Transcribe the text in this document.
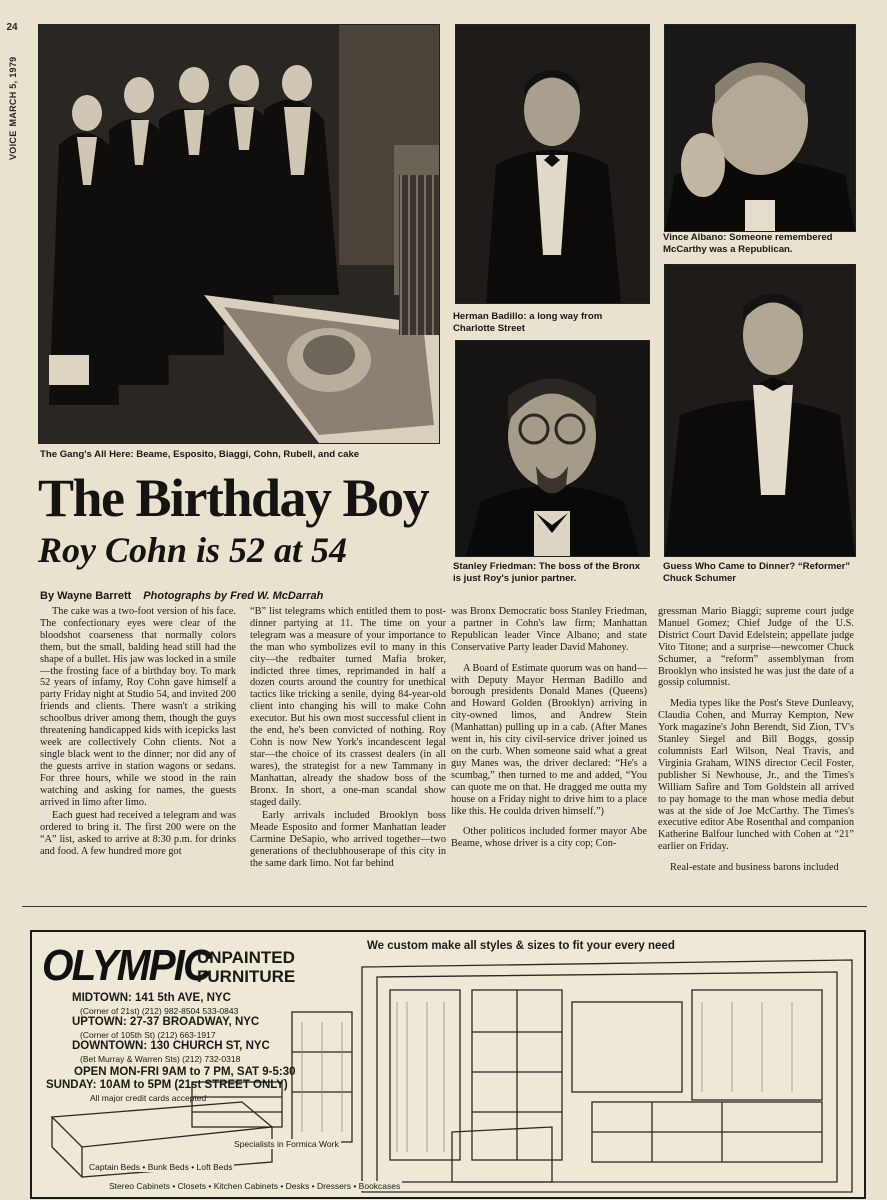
24
VOICEMARCH 5, 1979

The Gang's All Here: Beame, Esposito, Biaggi, Cohn, Rubell, and cake

Herman Badillo: a long way from Charlotte Street

Vince Albano: Someone remembered McCarthy was a Republican.

Stanley Friedman: The boss of the Bronx is just Roy's junior partner.

Guess Who Came to Dinner? “Reformer” Chuck Schumer

The Birthday Boy
Roy Cohn is 52 at 54
By Wayne Barrett Photographs by Fred W. McDarrah

The cake was a two-foot version of his face. The confectionary eyes were clear of the bloodshot coarseness that normally colors them, but the small, balding head still had the shape of a bullet. His jaw was locked in a smile—the frosting face of a birthday boy. To mark 52 years of infamy, Roy Cohn gave himself a party Friday night at Studio 54, and invited 200 friends and clients. There wasn't a striking schoolbus driver among them, though the guys threatening handicapped kids with icepicks last week are collectively Cohn clients. Not a single black went to the dinner; nor did any of the guests arrive in station wagons or sedans. For three hours, while we stood in the rain watching and asking for names, the guests arrived in limo after limo.

Each guest had received a telegram and was ordered to bring it. The first 200 were on the “A” list, asked to arrive at 8:30 p.m. for drinks and food. A few hundred more got

“B” list telegrams which entitled them to post-dinner partying at 11. The time on your telegram was a measure of your importance to the man who symbolizes evil to many in this city—the redbaiter turned Mafia broker, indicted three times, reprimanded in half a dozen courts around the country for unethical tactics like tricking a senile, dying 84-year-old client into changing his will to make Cohn executor. But his own most successful client in the end, he's been convicted of nothing. Roy Cohn is now New York's incandescent legal star—the choice of its crassest dealers (in all wares), the strategist for a new Tammany in Manhattan, already the shadow boss of the Bronx. In short, a one-man scandal show staged daily.

Early arrivals included Brooklyn boss Meade Esposito and former Manhattan leader Carmine DeSapio, who arrived together—two generations of theclubhouserape of this city in the same dark limo. Not far behind

was Bronx Democratic boss Stanley Friedman, a partner in Cohn's law firm; Manhattan Republican leader Vince Albano; and state Conservative Party leader David Mahoney.

A Board of Estimate quorum was on hand—with Deputy Mayor Herman Badillo and borough presidents Donald Manes (Queens) and Howard Golden (Brooklyn) arriving in city-owned limos, and Andrew Stein (Manhattan) pulling up in a cab. (After Manes went in, his city civil-service driver joined us on the curb. When someone said what a great guy Manes was, the driver declared: “He's a scumbag,” then turned to me and added, “You can quote me on that. He dragged me outta my house on a Friday night to drive him to a place like this. He coulda driven himself.”)

Other politicos included former mayor Abe Beame, whose driver is a city cop; Con-

gressman Mario Biaggi; supreme court judge Manuel Gomez; Chief Judge of the U.S. District Court David Edelstein; appellate judge Vito Titone; and a surprise—newcomer Chuck Schumer, a “reform” assemblyman from Brooklyn who insisted he was just the date of a gossip columnist.

Media types like the Post's Steve Dunleavy, Claudia Cohen, and Murray Kempton, New York magazine's John Berendt, Sid Zion, TV's Stanley Siegel and Bill Boggs, gossip columnists Earl Wilson, Neal Travis, and Virginia Graham, WINS director Cecil Foster, publisher Si Newhouse, Jr., and the Times's William Safire and Tom Goldstein all arrived to pay homage to the man whose media debut was at the side of Joe McCarthy. The Times's executive editor Abe Rosenthal and companion Katherine Balfour lunched with Cohen at “21” earlier on Friday.

Real-estate and business barons included

OLYMPIC
UNPAINTED
FURNITURE
We custom make all styles & sizes to fit your every need
MIDTOWN: 141 5th AVE, NYC
(Corner of 21st) (212) 982-8504 533-0843
UPTOWN: 27-37 BROADWAY, NYC
(Corner of 105th St) (212) 663-1917
DOWNTOWN: 130 CHURCH ST, NYC
(Bet Murray & Warren Sts) (212) 732-0318
OPEN MON-FRI 9AM to 7 PM, SAT 9-5:30
SUNDAY: 10AM to 5PM (21st STREET ONLY)
All major credit cards accepted
Specialists in Formica Work
Captain Beds • Bunk Beds • Loft Beds
Stereo Cabinets • Closets • Kitchen Cabinets • Desks • Dressers • Bookcases
